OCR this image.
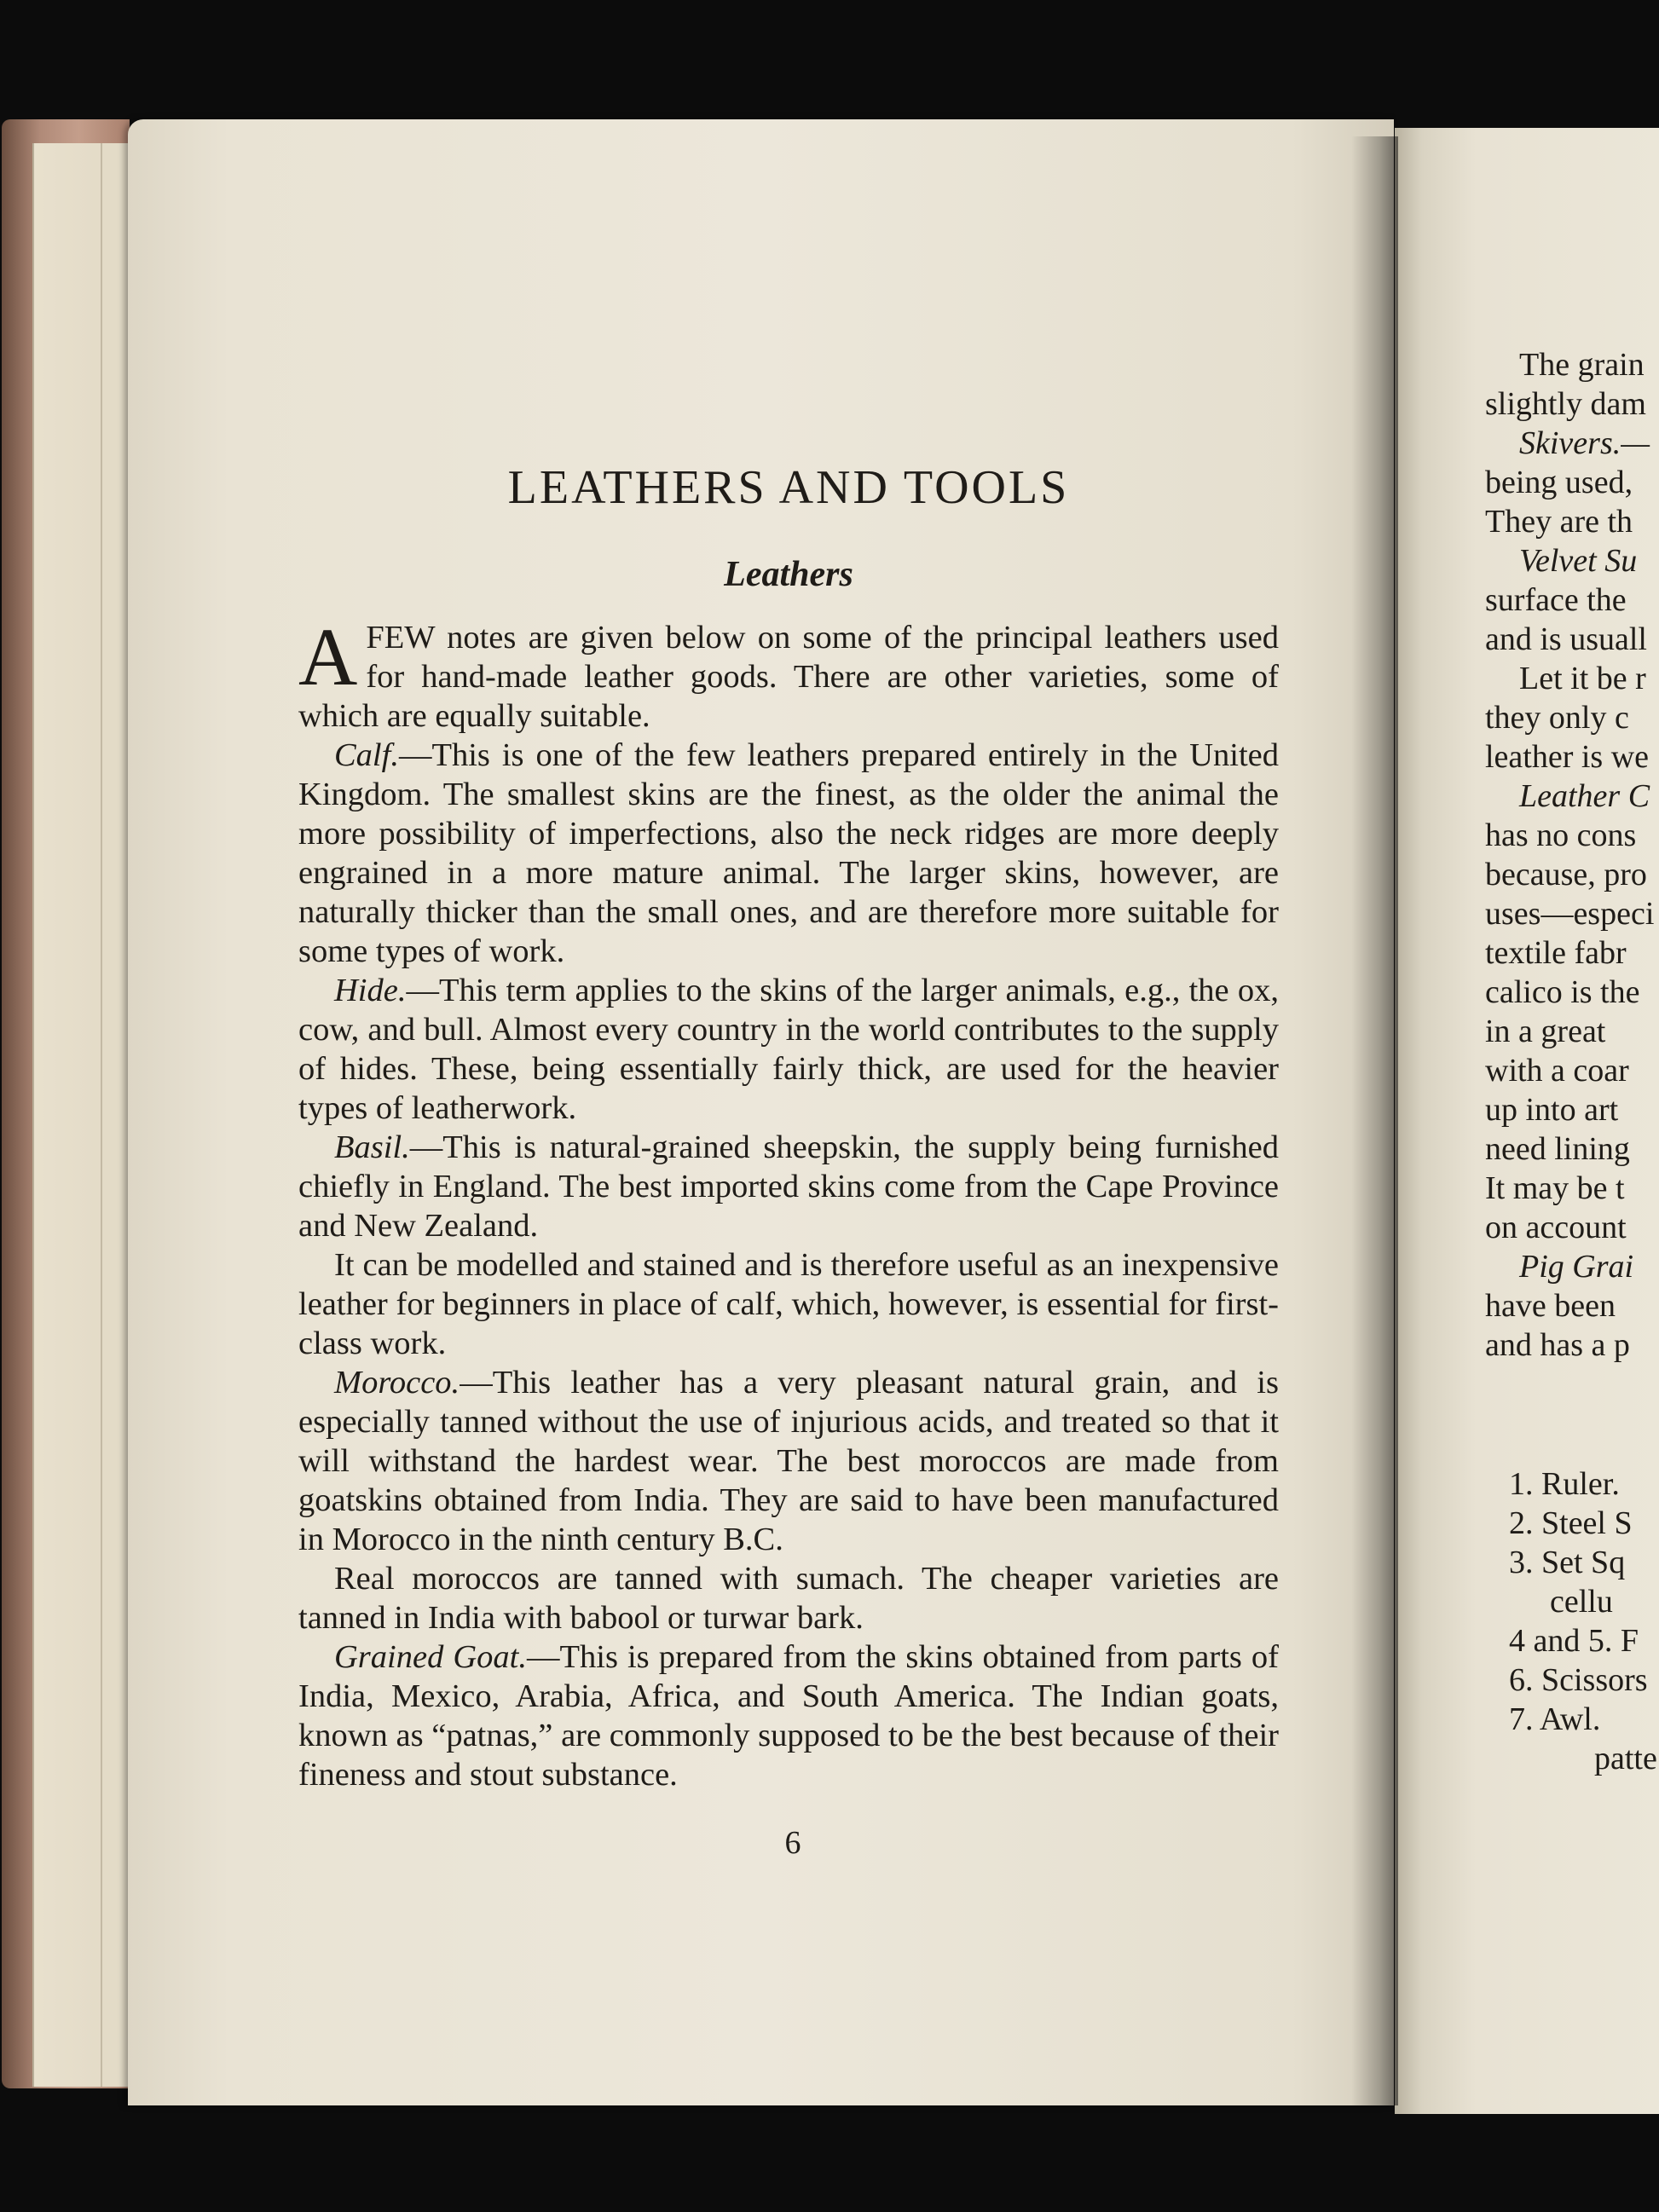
LEATHERS AND TOOLS
Leathers

AFEW notes are given below on some of the principal leathers used for hand-made leather goods. There are other varieties, some of which are equally suitable.

Calf.—This is one of the few leathers prepared entirely in the United Kingdom. The smallest skins are the finest, as the older the animal the more possibility of imperfections, also the neck ridges are more deeply engrained in a more mature animal. The larger skins, however, are naturally thicker than the small ones, and are therefore more suitable for some types of work.

Hide.—This term applies to the skins of the larger animals, e.g., the ox, cow, and bull. Almost every country in the world contributes to the supply of hides. These, being essentially fairly thick, are used for the heavier types of leatherwork.

Basil.—This is natural-grained sheepskin, the supply being furnished chiefly in England. The best imported skins come from the Cape Province and New Zealand.

It can be modelled and stained and is therefore useful as an inexpensive leather for beginners in place of calf, which, however, is essential for first-class work.

Morocco.—This leather has a very pleasant natural grain, and is especially tanned without the use of injurious acids, and treated so that it will withstand the hardest wear. The best moroccos are made from goatskins obtained from India. They are said to have been manufactured in Morocco in the ninth century B.C.

Real moroccos are tanned with sumach. The cheaper varieties are tanned in India with babool or turwar bark.

Grained Goat.—This is prepared from the skins obtained from parts of India, Mexico, Arabia, Africa, and South America. The Indian goats, known as “patnas,” are commonly supposed to be the best because of their fineness and stout substance.

6
The grain
slightly dam
Skivers.—
being used,
They are th
Velvet Su
surface the
and is usuall
Let it be r
they only c
leather is we
Leather C
has no cons
because, pro
uses—especi
textile fabr
calico is the
in a great
with a coar
up into art
need lining
It may be t
on account
Pig Grai
have been
and has a p
1. Ruler.
2. Steel S
3. Set Sq
cellu
4 and 5. F
6. Scissors
7. Awl.
patte
